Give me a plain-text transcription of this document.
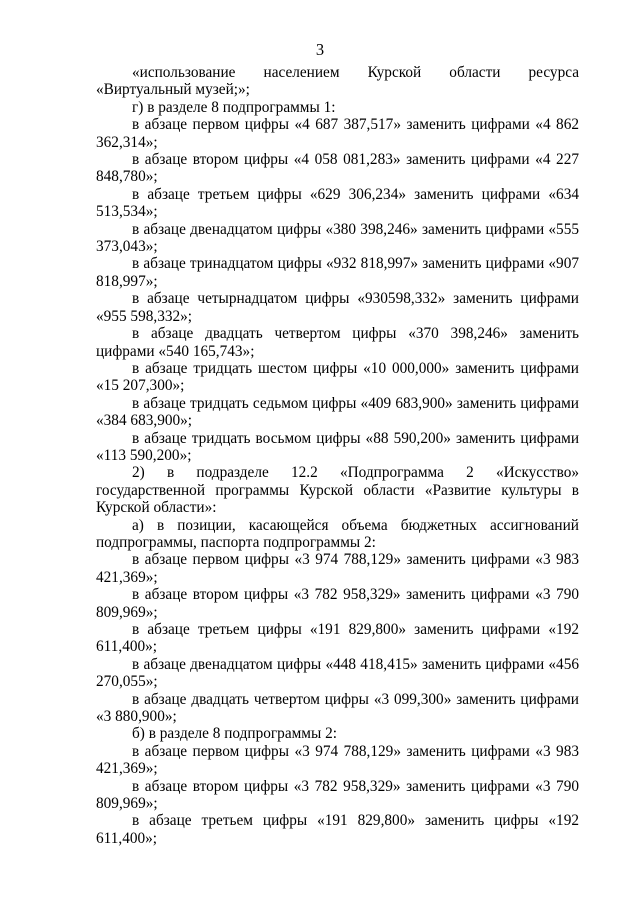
3

«использование населением Курской области ресурса «Виртуальный музей;»;

г) в разделе 8 подпрограммы 1:

в абзаце первом цифры «4 687 387,517» заменить цифрами «4 862 362,314»;

в абзаце втором цифры «4 058 081,283» заменить цифрами «4 227 848,780»;

в абзаце третьем цифры «629 306,234» заменить цифрами «634 513,534»;

в абзаце двенадцатом цифры «380 398,246» заменить цифрами «555 373,043»;

в абзаце тринадцатом цифры «932 818,997» заменить цифрами «907 818,997»;

в абзаце четырнадцатом цифры «930598,332» заменить цифрами «955 598,332»;

в абзаце двадцать четвертом цифры «370 398,246» заменить цифрами «540 165,743»;

в абзаце тридцать шестом цифры «10 000,000» заменить цифрами «15 207,300»;

в абзаце тридцать седьмом цифры «409 683,900» заменить цифрами «384 683,900»;

в абзаце тридцать восьмом цифры «88 590,200» заменить цифрами «113 590,200»;

2) в подразделе 12.2 «Подпрограмма 2 «Искусство» государственной программы Курской области «Развитие культуры в Курской области»:

а) в позиции, касающейся объема бюджетных ассигнований подпрограммы, паспорта подпрограммы 2:

в абзаце первом цифры «3 974 788,129» заменить цифрами «3 983 421,369»;

в абзаце втором цифры «3 782 958,329» заменить цифрами «3 790 809,969»;

в абзаце третьем цифры «191 829,800» заменить цифрами «192 611,400»;

в абзаце двенадцатом цифры «448 418,415» заменить цифрами «456 270,055»;

в абзаце двадцать четвертом цифры «3 099,300» заменить цифрами «3 880,900»;

б) в разделе 8 подпрограммы 2:

в абзаце первом цифры «3 974 788,129» заменить цифрами «3 983 421,369»;

в абзаце втором цифры «3 782 958,329» заменить цифрами «3 790 809,969»;

в абзаце третьем цифры «191 829,800» заменить цифры «192 611,400»;
